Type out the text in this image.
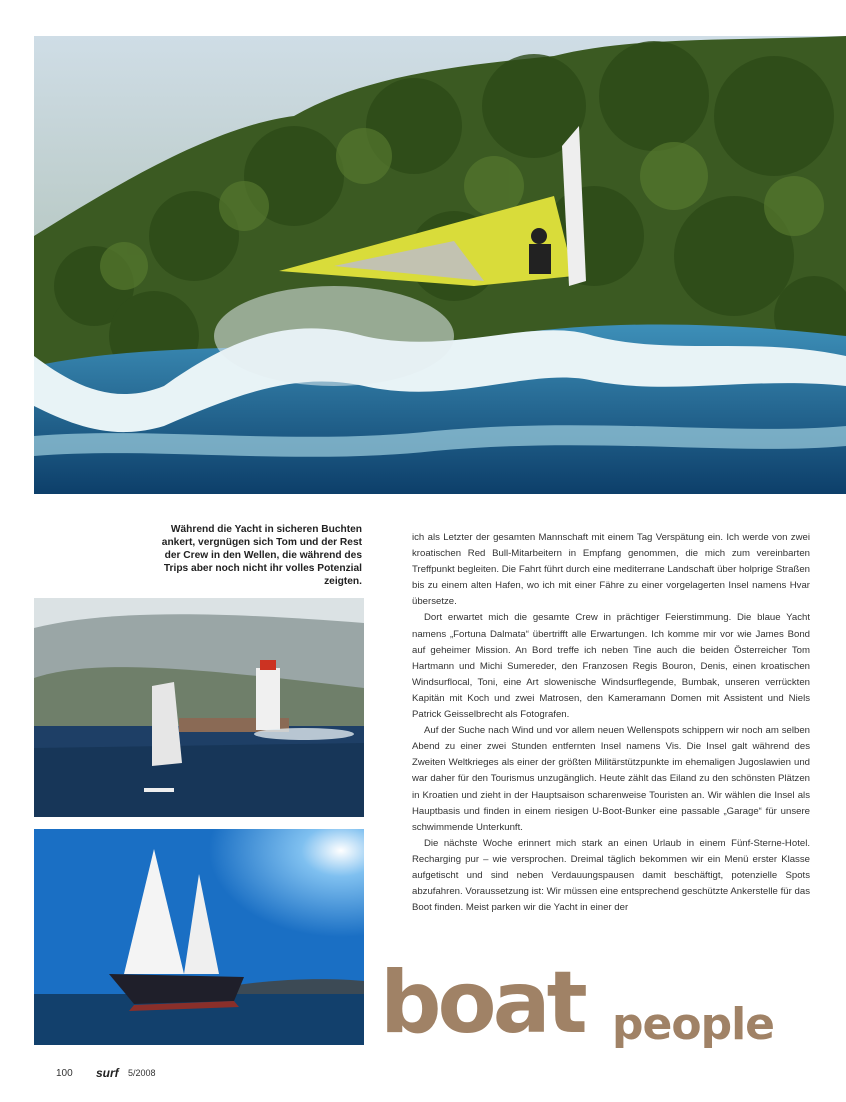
Während die Yacht in sicheren Buchten ankert, vergnügen sich Tom und der Rest der Crew in den Wellen, die während des Trips aber noch nicht ihr volles Potenzial zeigten.

ich als Letzter der gesamten Mannschaft mit einem Tag Verspätung ein. Ich werde von zwei kroatischen Red Bull-Mitarbeitern in Empfang genommen, die mich zum vereinbarten Treffpunkt begleiten. Die Fahrt führt durch eine mediterrane Landschaft über holprige Straßen bis zu einem alten Hafen, wo ich mit einer Fähre zu einer vorgelagerten Insel namens Hvar übersetze.

Dort erwartet mich die gesamte Crew in prächtiger Feierstimmung. Die blaue Yacht namens „Fortuna Dalmata“ übertrifft alle Erwartungen. Ich komme mir vor wie James Bond auf geheimer Mission. An Bord treffe ich neben Tine auch die beiden Österreicher Tom Hartmann und Michi Sumereder, den Franzosen Regis Bouron, Denis, einen kroatischen Windsurflocal, Toni, eine Art slowenische Windsurflegende, Bumbak, unseren verrückten Kapitän mit Koch und zwei Matrosen, den Kameramann Domen mit Assistent und Niels Patrick Geisselbrecht als Fotografen.

Auf der Suche nach Wind und vor allem neuen Wellenspots schippern wir noch am selben Abend zu einer zwei Stunden entfernten Insel namens Vis. Die Insel galt während des Zweiten Weltkrieges als einer der größten Militärstützpunkte im ehemaligen Jugoslawien und war daher für den Tourismus unzugänglich. Heute zählt das Eiland zu den schönsten Plätzen in Kroatien und zieht in der Hauptsaison scharenweise Touristen an. Wir wählen die Insel als Hauptbasis und finden in einem riesigen U-Boot-Bunker eine passable „Garage“ für unsere schwimmende Unterkunft.

Die nächste Woche erinnert mich stark an einen Urlaub in einem Fünf-Sterne-Hotel. Recharging pur – wie versprochen. Dreimal täglich bekommen wir ein Menü erster Klasse aufgetischt und sind neben Verdauungspausen damit beschäftigt, potenzielle Spots abzufahren. Voraussetzung ist: Wir müssen eine entsprechend geschützte Ankerstelle für das Boot finden. Meist parken wir die Yacht in einer der

boat people
100 surf 5/2008
